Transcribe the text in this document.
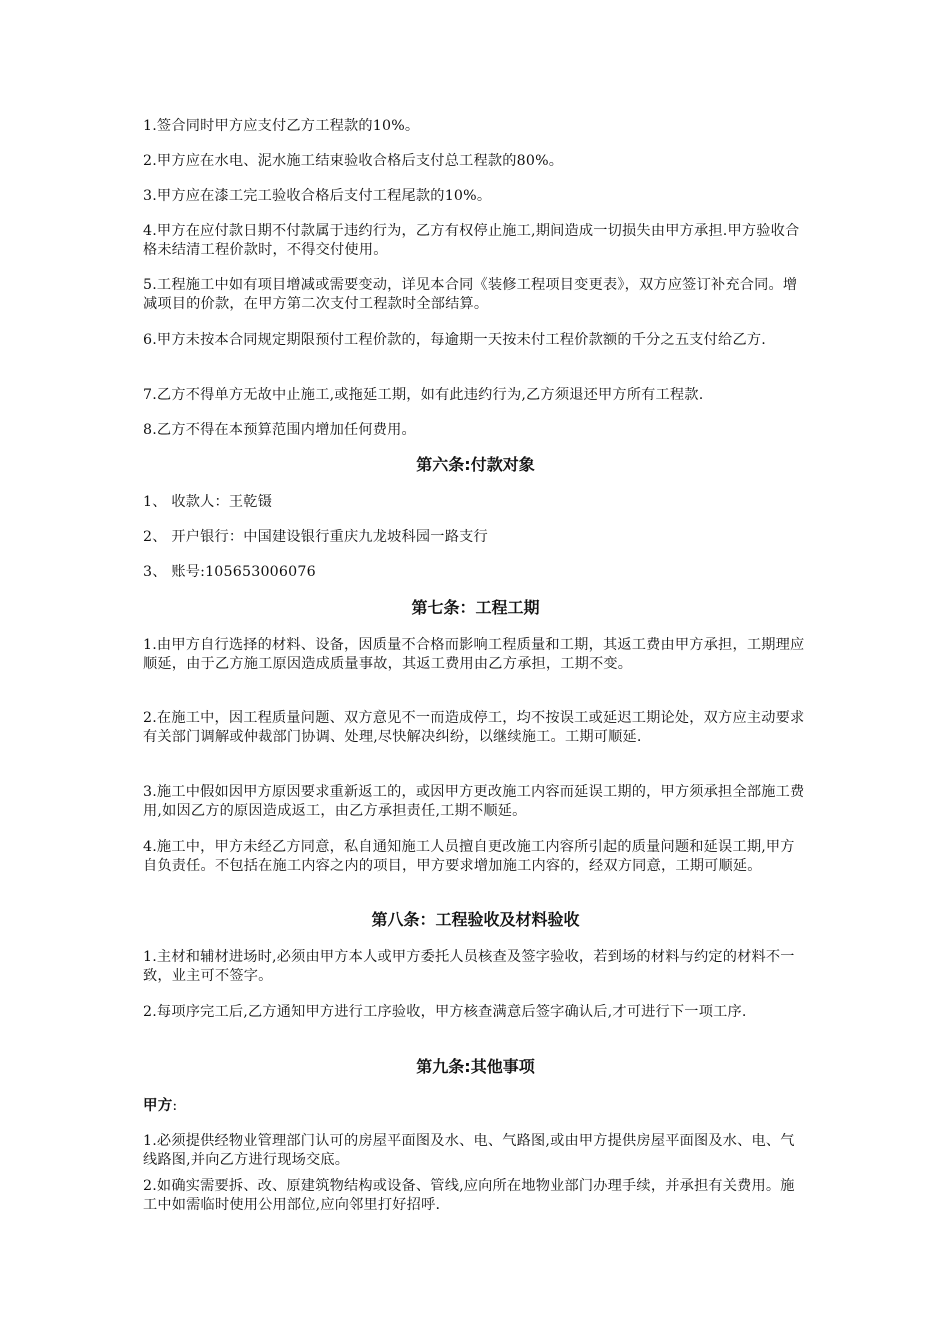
1.签合同时甲方应支付乙方工程款的10%。
2.甲方应在水电、泥水施工结束验收合格后支付总工程款的80%。
3.甲方应在漆工完工验收合格后支付工程尾款的10%。
4.甲方在应付款日期不付款属于违约行为，乙方有权停止施工,期间造成一切损失由甲方承担.甲方验收合格未结清工程价款时，不得交付使用。
5.工程施工中如有项目增减或需要变动，详见本合同《装修工程项目变更表》，双方应签订补充合同。增减项目的价款，在甲方第二次支付工程款时全部结算。
6.甲方未按本合同规定期限预付工程价款的，每逾期一天按未付工程价款额的千分之五支付给乙方.
7.乙方不得单方无故中止施工,或拖延工期，如有此违约行为,乙方须退还甲方所有工程款.
8.乙方不得在本预算范围内增加任何费用。
第六条:付款对象
1、 收款人：王乾镊
2、 开户银行：中国建设银行重庆九龙坡科园一路支行
3、 账号:105653006076
第七条：工程工期
1.由甲方自行选择的材料、设备，因质量不合格而影响工程质量和工期，其返工费由甲方承担，工期理应顺延，由于乙方施工原因造成质量事故，其返工费用由乙方承担，工期不变。
2.在施工中，因工程质量问题、双方意见不一而造成停工，均不按误工或延迟工期论处，双方应主动要求有关部门调解或仲裁部门协调、处理,尽快解决纠纷，以继续施工。工期可顺延.
3.施工中假如因甲方原因要求重新返工的，或因甲方更改施工内容而延误工期的，甲方须承担全部施工费用,如因乙方的原因造成返工，由乙方承担责任,工期不顺延。
4.施工中，甲方未经乙方同意，私自通知施工人员擅自更改施工内容所引起的质量问题和延误工期,甲方自负责任。不包括在施工内容之内的项目，甲方要求增加施工内容的，经双方同意，工期可顺延。
第八条：工程验收及材料验收
1.主材和辅材进场时,必须由甲方本人或甲方委托人员核查及签字验收，若到场的材料与约定的材料不一致，业主可不签字。
2.每项序完工后,乙方通知甲方进行工序验收，甲方核查满意后签字确认后,才可进行下一项工序.
第九条:其他事项
甲方:
1.必须提供经物业管理部门认可的房屋平面图及水、电、气路图,或由甲方提供房屋平面图及水、电、气线路图,并向乙方进行现场交底。
2.如确实需要拆、改、原建筑物结构或设备、管线,应向所在地物业部门办理手续，并承担有关费用。施工中如需临时使用公用部位,应向邻里打好招呼.
